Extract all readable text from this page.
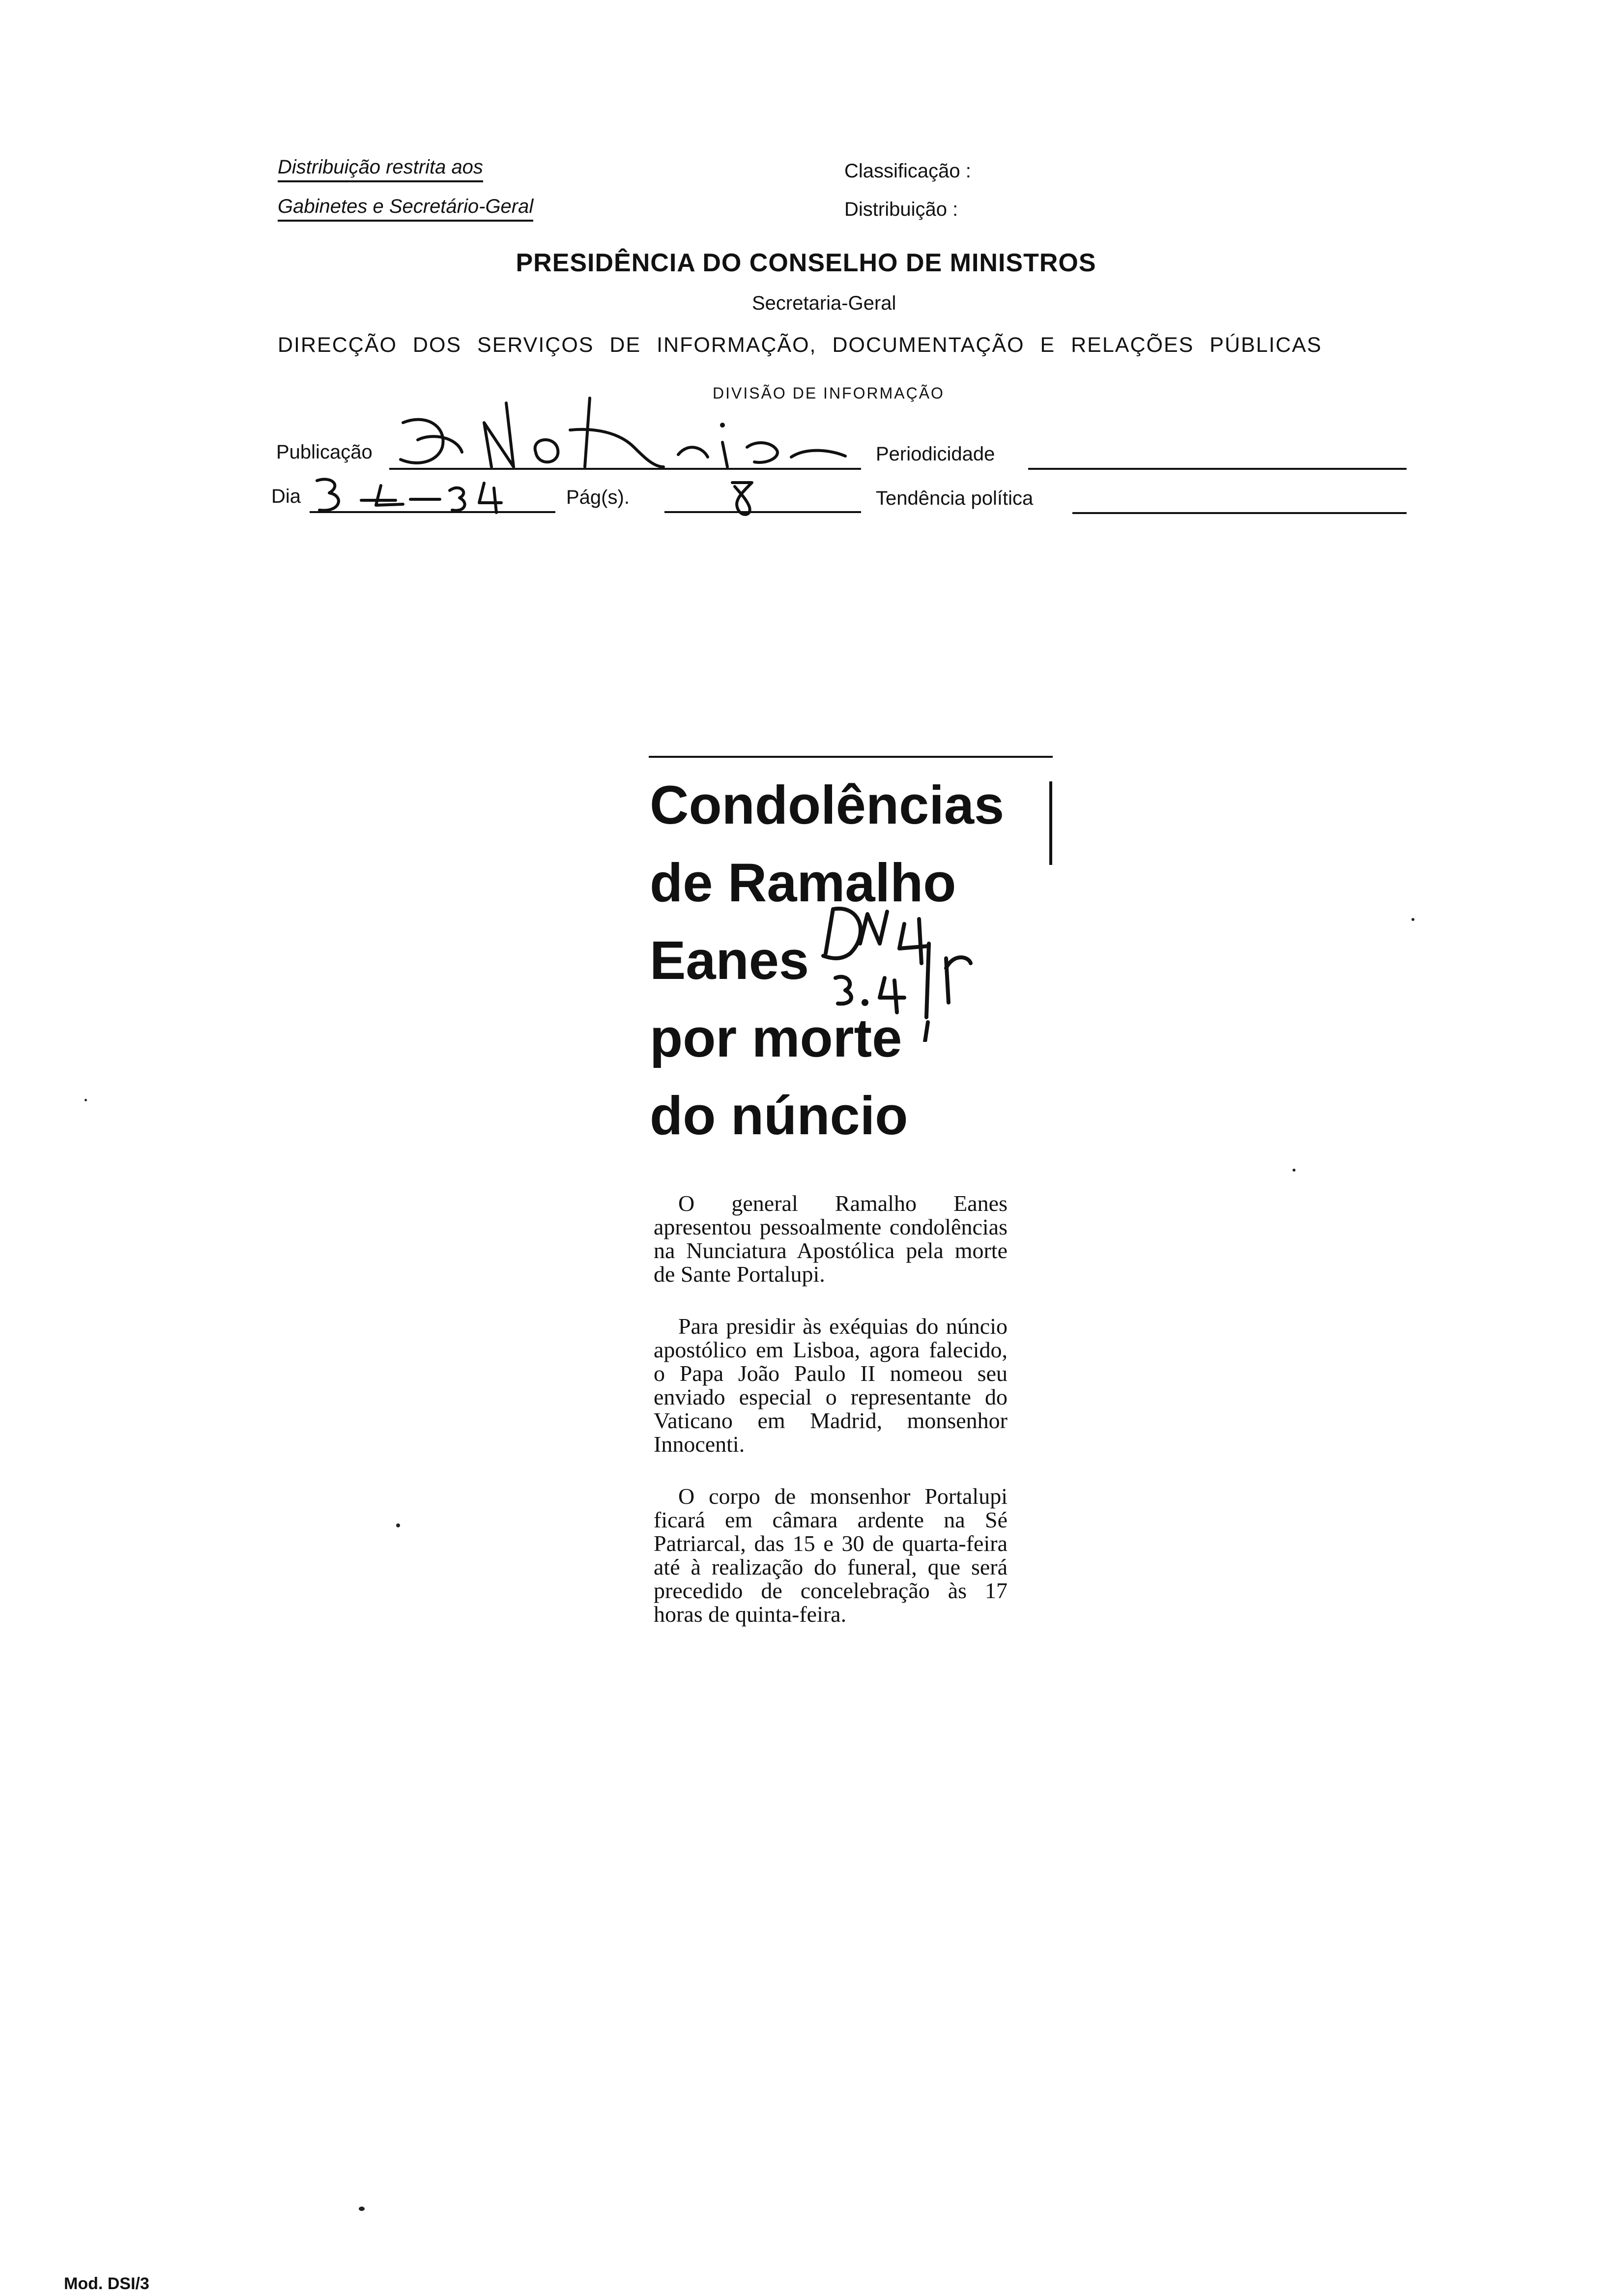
Distribuição restrita aos
Gabinetes e Secretário-Geral
Classificação :
Distribuição :
PRESIDÊNCIA DO CONSELHO DE MINISTROS
Secretaria-Geral
DIRECÇÃO DOS SERVIÇOS DE INFORMAÇÃO, DOCUMENTAÇÃO E RELAÇÕES PÚBLICAS
DIVISÃO DE INFORMAÇÃO
Publicação	Periodicidade
Dia	Pág(s).	Tendência política
Condolências
de Ramalho
Eanes
por morte
do núncio

O general Ramalho Eanes apresentou pessoalmente condolências na Nunciatura Apostólica pela morte de Sante Portalupi.

Para presidir às exéquias do núncio apostólico em Lisboa, agora falecido, o Papa João Paulo II nomeou seu enviado especial o representante do Vaticano em Madrid, monsenhor Innocenti.

O corpo de monsenhor Portalupi ficará em câmara ardente na Sé Patriarcal, das 15 e 30 de quarta-feira até à realização do funeral, que será precedido de concelebração às 17 horas de quinta-feira.

Mod. DSI/3
